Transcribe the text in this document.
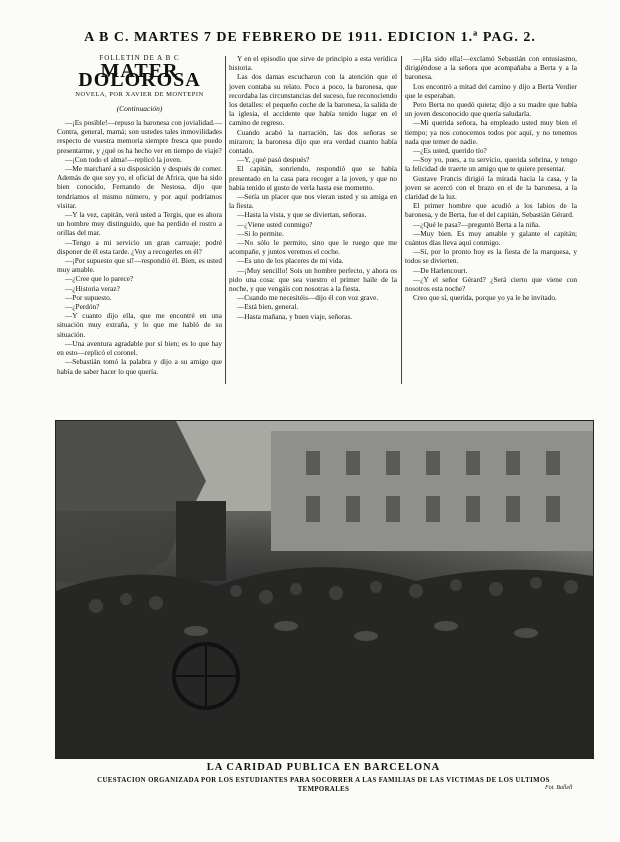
A B C. MARTES 7 DE FEBRERO DE 1911. EDICION 1.ª PAG. 2.
FOLLETIN DE A B C
MATER DOLOROSA
NOVELA, POR XAVIER DE MONTEPIN
(Continuación)

—¡Es posible!—repuso la baronesa con jovialidad.—Contra, general, mamá; son ustedes tales inmovilidades respecto de vuestra memoria siempre fresca que puedo presentarme, y ¿qué os ha hecho ver en tiempo de viaje?

—¡Con todo el alma!—replicó la joven.

—Me marcharé a su disposición y después de comer. Además de que soy yo, el oficial de Africa, que ha sido bien conocido, Fernando de Nestosa, dijo que tendríamos el mismo número, y por aquí podríamos visitar.

—Y la vez, capitán, verá usted a Tergis, que es ahora un hombre muy distinguido, que ha perdido el rostro a orillas del mar.

—Tengo a mi servicio un gran carruaje; podré disponer de él esta tarde. ¿Voy a recogerles en él?

—¡Por supuesto que sí!—respondió él. Bien, es usted muy amable.

—¿Cree que lo parece?

—¿Historia veraz?

—Por supuesto.

—¿Perdón?

—Y cuanto dijo ella, que me encontré en una situación muy extraña, y lo que me habló de su situación.

—Una aventura agradable por sí bien; es lo que hay en esto—replicó el coronel.

—Sebastián tomó la palabra y dijo a su amigo que había de saber hacer lo que quería.

Y en el episodio que sirve de principio a esta verídica historia.

Las dos damas escucharon con la atención que el joven contaba su relato. Poco a poco, la baronesa, que recordaba las circunstancias del suceso, fue reconociendo los detalles: el pequeño coche de la baronesa, la salida de la iglesia, el accidente que había tenido lugar en el camino de regreso.

Cuando acabó la narración, las dos señoras se miraron; la baronesa dijo que era verdad cuanto había contado.

—Y, ¿qué pasó después?

El capitán, sonriendo, respondió que se había presentado en la casa para recoger a la joven, y que no había tenido el gusto de verla hasta ese momento.

—Sería un placer que nos vieran usted y su amiga en la fiesta.

—Hasta la vista, y que se diviertan, señoras.

—¿Viene usted conmigo?

—Si lo permite.

—No sólo le permito, sino que le ruego que me acompañe, y juntos veremos el coche.

—Es uno de los placeres de mi vida.

—¡Muy sencillo! Sois un hombre perfecto, y ahora os pido una cosa: que sea vuestro el primer baile de la noche, y que vengáis con nosotras a la fiesta.

—Cuando me necesitéis—dijo él con voz grave.

—Está bien, general.

—Hasta mañana, y buen viaje, señoras.

—¡Ha sido ella!—exclamó Sebastián con entusiasmo, dirigiéndose a la señora que acompañaba a Berta y a la baronesa.

Los encontró a mitad del camino y dijo a Berta Verdier que le esperaban.

Pero Berta no quedó quieta; dijo a su madre que había un joven desconocido que quería saludarla.

—Mi querida señora, ha empleado usted muy bien el tiempo; ya nos conocemos todos por aquí, y no tenemos nada que temer de nadie.

—¿Es usted, querido tío?

—Soy yo, pues, a tu servicio, querida sobrina, y tengo la felicidad de traerte un amigo que te quiere presentar.

Gustave Francis dirigió la mirada hacia la casa, y la joven se acercó con el brazo en el de la baronesa, a la claridad de la luz.

El primer hombre que acudió a los labios de la baronesa, y de Berta, fue el del capitán, Sebastián Gérard.

—¿Qué le pasa?—preguntó Berta a la niña.

—Muy bien. Es muy amable y galante el capitán; cuántos días lleva aquí conmigo.

—Sí, por lo pronto hoy es la fiesta de la marquesa, y todos se divierten.

—De Harlencourt.

—¿Y el señor Gérard? ¿Será cierto que viene con nosotros esta noche?

Creo que sí, querida, porque yo ya le he invitado.

LA CARIDAD PUBLICA EN BARCELONA
CUESTACION ORGANIZADA POR LOS ESTUDIANTES PARA SOCORRER A LAS FAMILIAS DE LAS VICTIMAS DE LOS ULTIMOS TEMPORALES	Fot. Ballell
